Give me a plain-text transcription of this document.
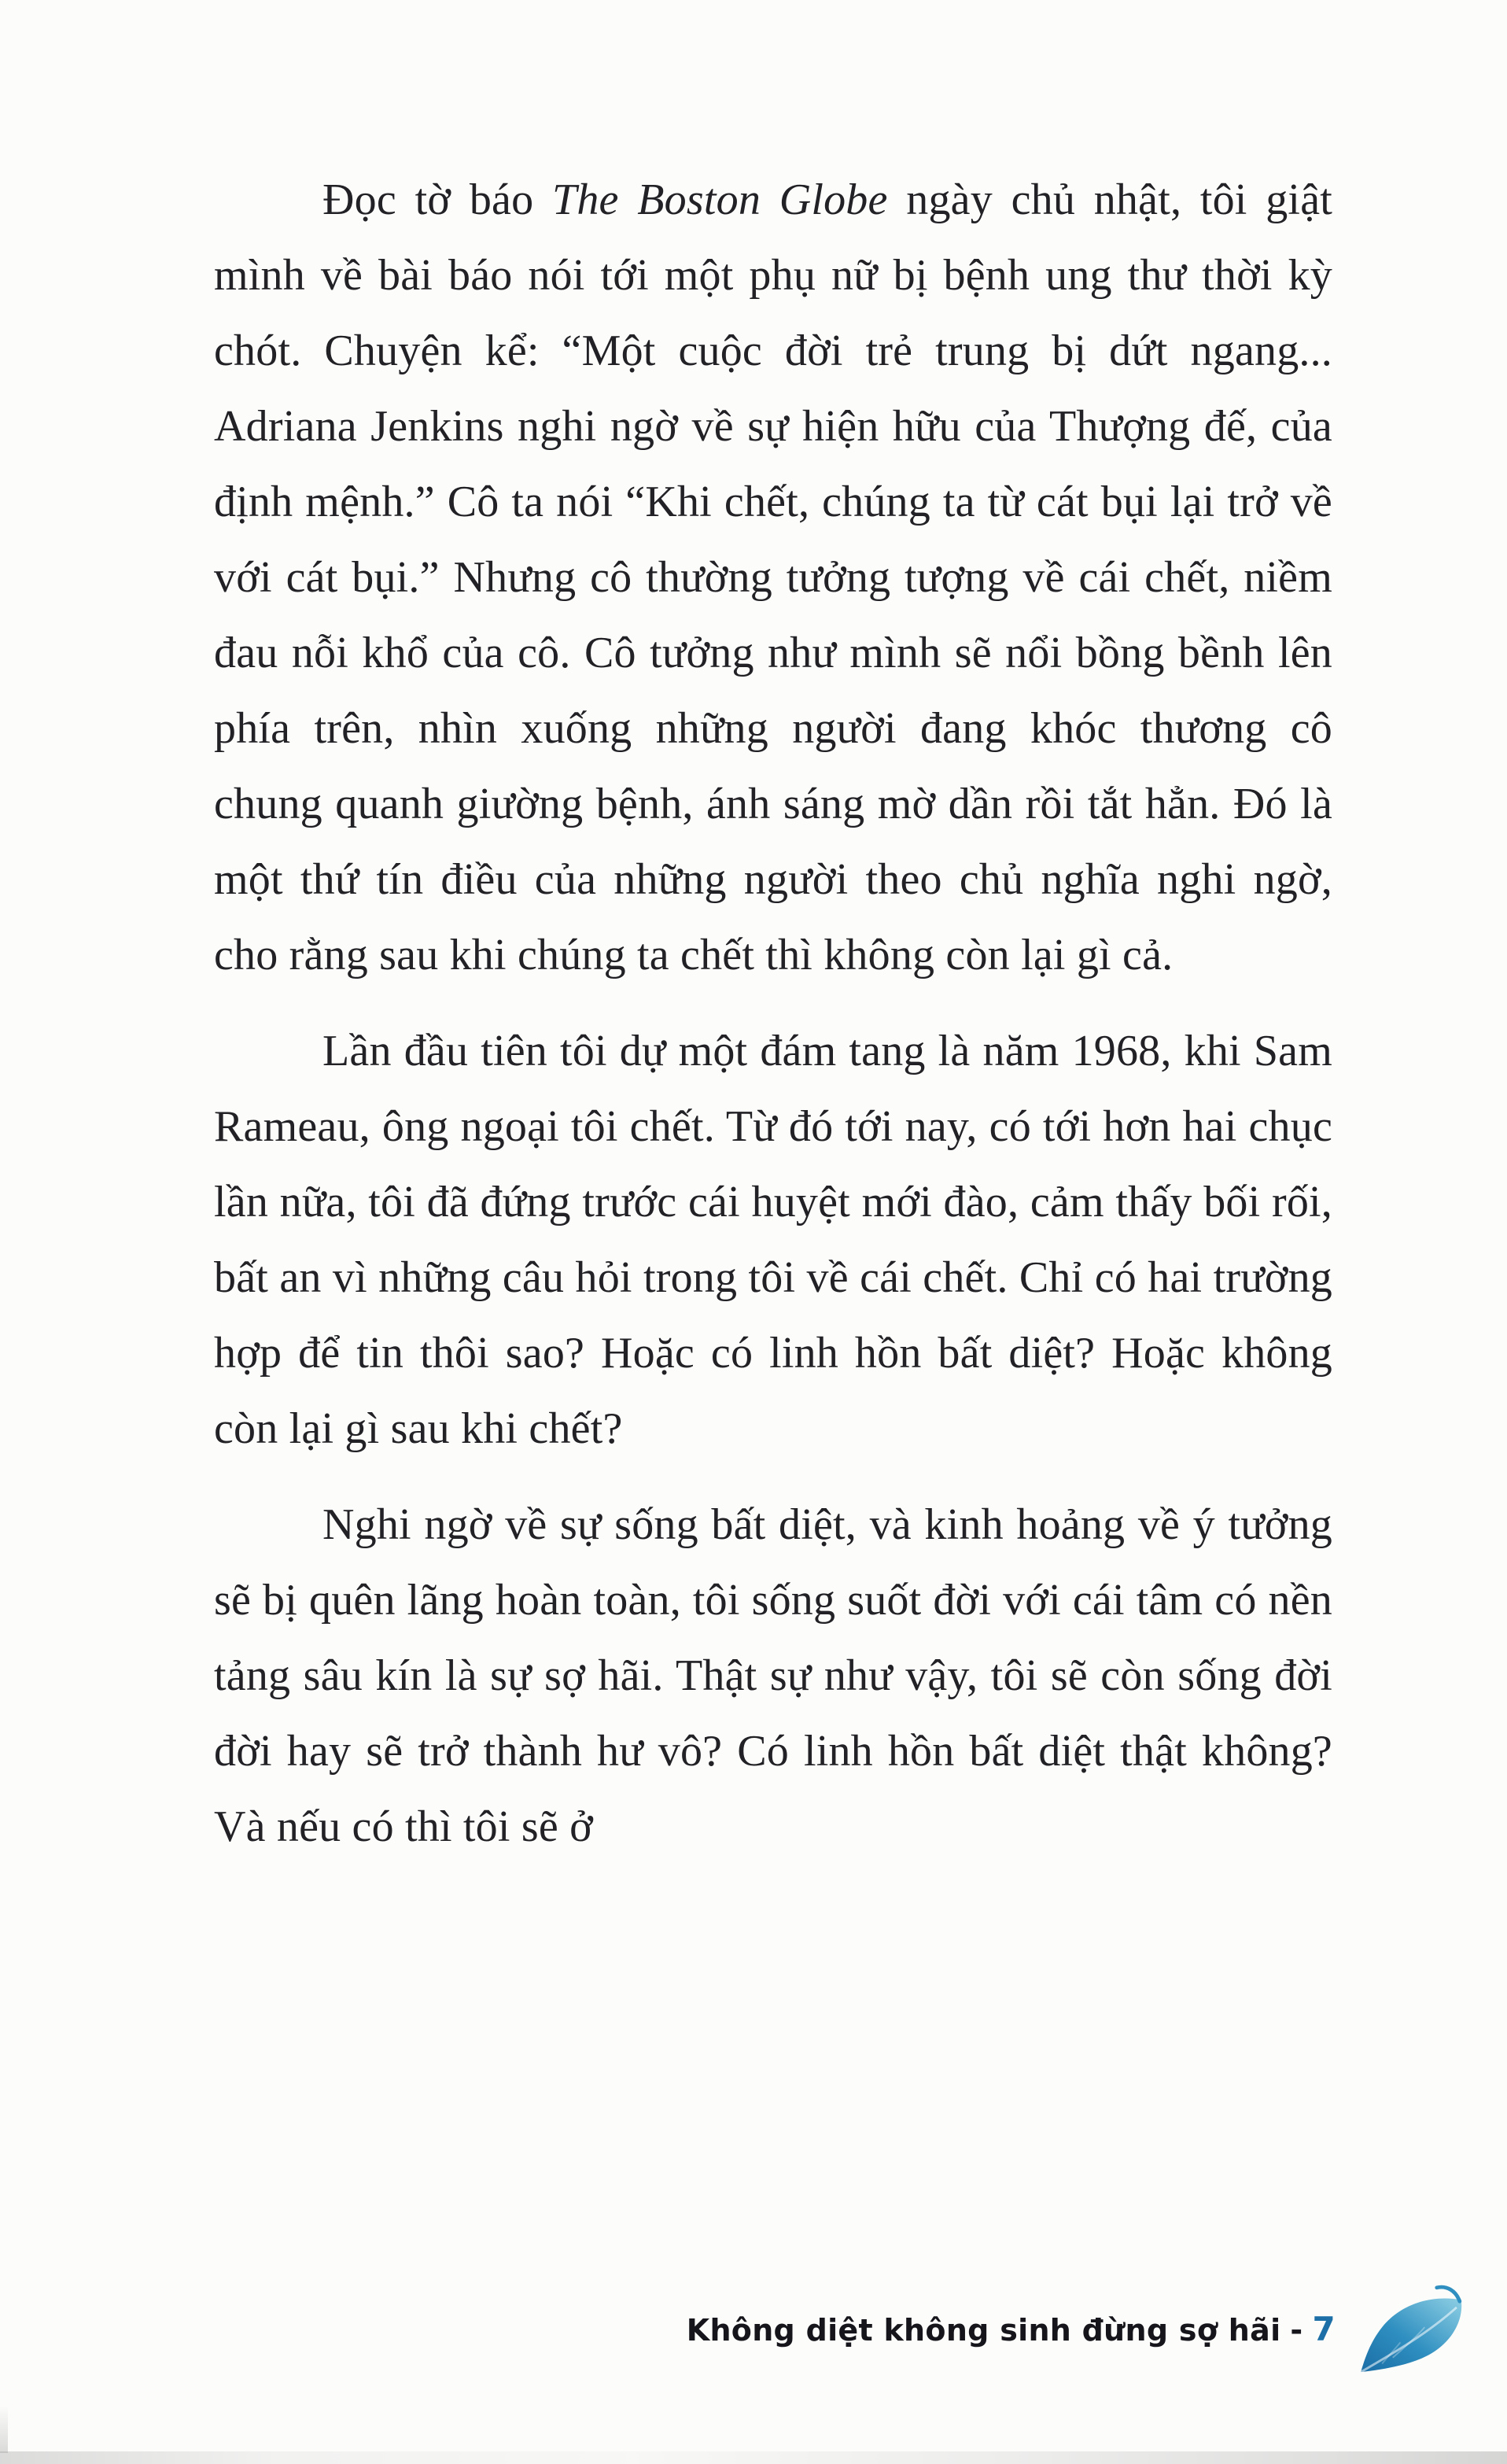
Đọc tờ báo The Boston Globe ngày chủ nhật, tôi giật mình về bài báo nói tới một phụ nữ bị bệnh ung thư thời kỳ chót. Chuyện kể: “Một cuộc đời trẻ trung bị dứt ngang... Adriana Jenkins nghi ngờ về sự hiện hữu của Thượng đế, của định mệnh.” Cô ta nói “Khi chết, chúng ta từ cát bụi lại trở về với cát bụi.” Nhưng cô thường tưởng tượng về cái chết, niềm đau nỗi khổ của cô. Cô tưởng như mình sẽ nổi bồng bềnh lên phía trên, nhìn xuống những người đang khóc thương cô chung quanh giường bệnh, ánh sáng mờ dần rồi tắt hẳn. Đó là một thứ tín điều của những người theo chủ nghĩa nghi ngờ, cho rằng sau khi chúng ta chết thì không còn lại gì cả.

Lần đầu tiên tôi dự một đám tang là năm 1968, khi Sam Rameau, ông ngoại tôi chết. Từ đó tới nay, có tới hơn hai chục lần nữa, tôi đã đứng trước cái huyệt mới đào, cảm thấy bối rối, bất an vì những câu hỏi trong tôi về cái chết. Chỉ có hai trường hợp để tin thôi sao? Hoặc có linh hồn bất diệt? Hoặc không còn lại gì sau khi chết?

Nghi ngờ về sự sống bất diệt, và kinh hoảng về ý tưởng sẽ bị quên lãng hoàn toàn, tôi sống suốt đời với cái tâm có nền tảng sâu kín là sự sợ hãi. Thật sự như vậy, tôi sẽ còn sống đời đời hay sẽ trở thành hư vô? Có linh hồn bất diệt thật không? Và nếu có thì tôi sẽ ở

Không diệt không sinh đừng sợ hãi - 7
